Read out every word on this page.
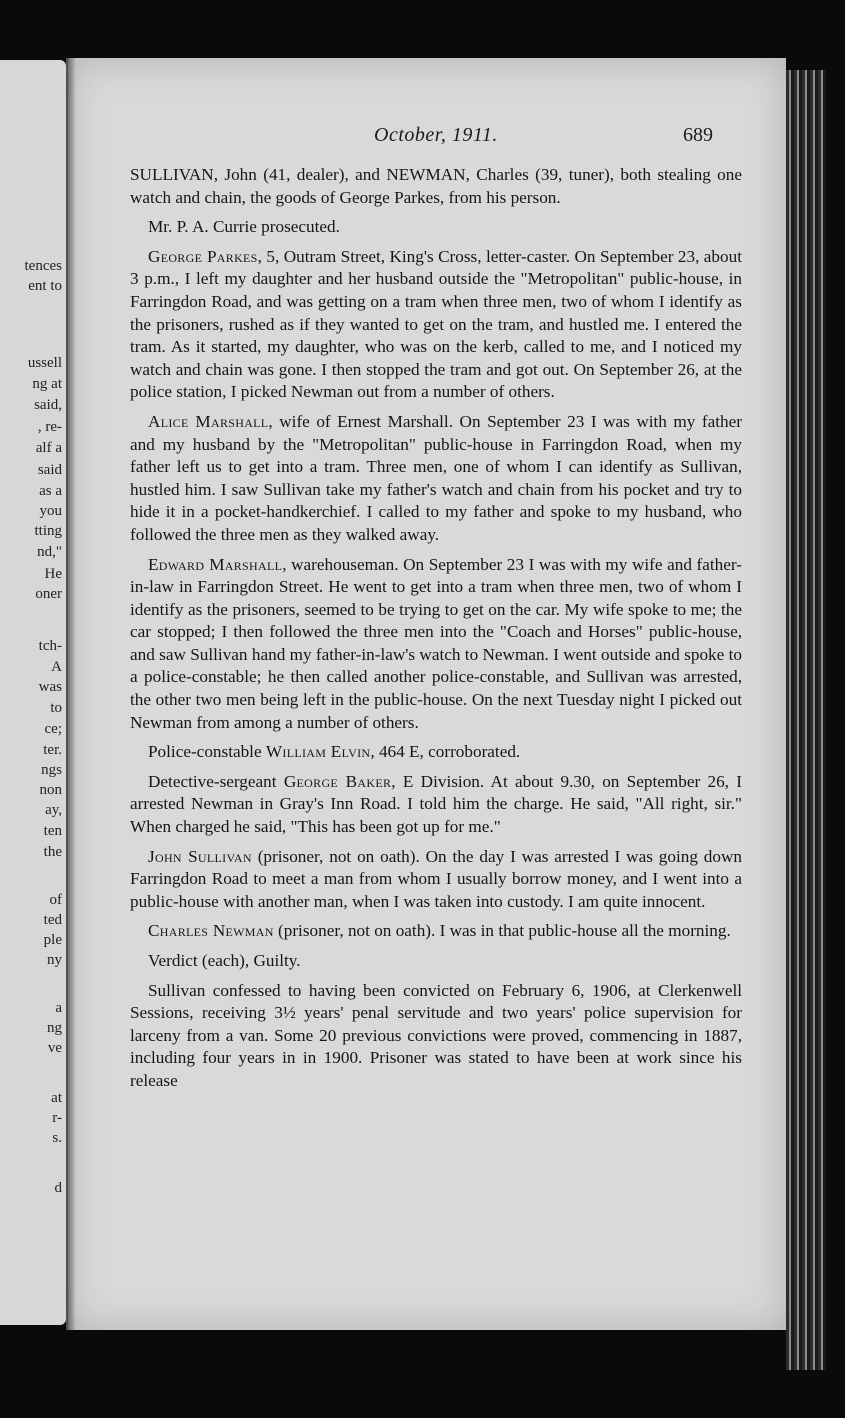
tences
ent to
ussell
ng at
said,
, re-
alf a
said
as a
you
tting
nd,"
He
oner
tch-
A
was
to
ce;
ter.
ngs
non
ay,
ten
the
of
ted
ple
ny
a
ng
ve
at
r-
s.
d
October, 1911.	689

SULLIVAN, John (41, dealer), and NEWMAN, Charles (39, tuner), both stealing one watch and chain, the goods of George Parkes, from his person.

Mr. P. A. Currie prosecuted.

George Parkes, 5, Outram Street, King's Cross, letter-caster. On September 23, about 3 p.m., I left my daughter and her husband outside the "Metropolitan" public-house, in Farringdon Road, and was getting on a tram when three men, two of whom I identify as the prisoners, rushed as if they wanted to get on the tram, and hustled me. I entered the tram. As it started, my daughter, who was on the kerb, called to me, and I noticed my watch and chain was gone. I then stopped the tram and got out. On September 26, at the police station, I picked Newman out from a number of others.

Alice Marshall, wife of Ernest Marshall. On September 23 I was with my father and my husband by the "Metropolitan" public-house in Farringdon Road, when my father left us to get into a tram. Three men, one of whom I can identify as Sullivan, hustled him. I saw Sullivan take my father's watch and chain from his pocket and try to hide it in a pocket-handkerchief. I called to my father and spoke to my husband, who followed the three men as they walked away.

Edward Marshall, warehouseman. On September 23 I was with my wife and father-in-law in Farringdon Street. He went to get into a tram when three men, two of whom I identify as the prisoners, seemed to be trying to get on the car. My wife spoke to me; the car stopped; I then followed the three men into the "Coach and Horses" public-house, and saw Sullivan hand my father-in-law's watch to Newman. I went outside and spoke to a police-constable; he then called another police-constable, and Sullivan was arrested, the other two men being left in the public-house. On the next Tuesday night I picked out Newman from among a number of others.

Police-constable William Elvin, 464 E, corroborated.

Detective-sergeant George Baker, E Division. At about 9.30, on September 26, I arrested Newman in Gray's Inn Road. I told him the charge. He said, "All right, sir." When charged he said, "This has been got up for me."

John Sullivan (prisoner, not on oath). On the day I was arrested I was going down Farringdon Road to meet a man from whom I usually borrow money, and I went into a public-house with another man, when I was taken into custody. I am quite innocent.

Charles Newman (prisoner, not on oath). I was in that public-house all the morning.

Verdict (each), Guilty.

Sullivan confessed to having been convicted on February 6, 1906, at Clerkenwell Sessions, receiving 3½ years' penal servitude and two years' police supervision for larceny from a van. Some 20 previous convictions were proved, commencing in 1887, including four years in in 1900. Prisoner was stated to have been at work since his release
